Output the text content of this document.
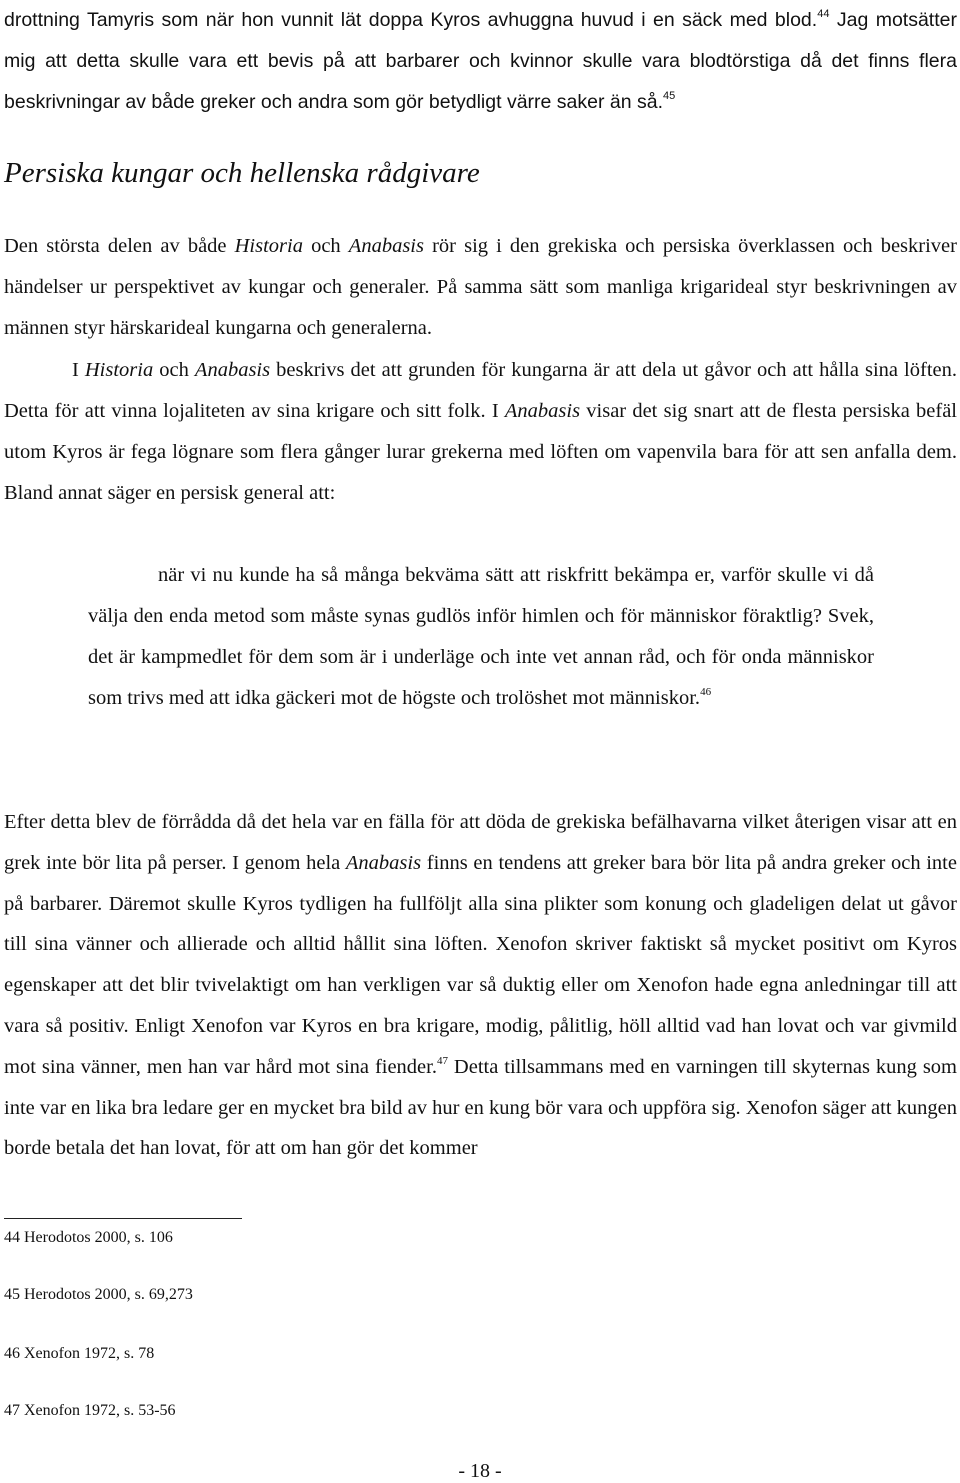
drottning Tamyris som när hon vunnit lät doppa Kyros avhuggna huvud i en säck med blod.$^{44}$ Jag motsätter mig att detta skulle vara ett bevis på att barbarer och kvinnor skulle vara blodtörstiga då det finns flera beskrivningar av både greker och andra som gör betydligt värre saker än så.$^{45}$

Persiska kungar och hellenska rådgivare

Den största delen av både Historia och Anabasis rör sig i den grekiska och persiska överklassen och beskriver händelser ur perspektivet av kungar och generaler. På samma sätt som manliga krigarideal styr beskrivningen av männen styr härskarideal kungarna och generalerna.

I Historia och Anabasis beskrivs det att grunden för kungarna är att dela ut gåvor och att hålla sina löften. Detta för att vinna lojaliteten av sina krigare och sitt folk. I Anabasis visar det sig snart att de flesta persiska befäl utom Kyros är fega lögnare som flera gånger lurar grekerna med löften om vapenvila bara för att sen anfalla dem. Bland annat säger en persisk general att:

när vi nu kunde ha så många bekväma sätt att riskfritt bekämpa er, varför skulle vi då välja den enda metod som måste synas gudlös inför himlen och för människor föraktlig? Svek, det är kampmedlet för dem som är i underläge och inte vet annan råd, och för onda människor som trivs med att idka gäckeri mot de högste och trolöshet mot människor.$^{46}$

Efter detta blev de förrådda då det hela var en fälla för att döda de grekiska befälhavarna vilket återigen visar att en grek inte bör lita på perser. I genom hela Anabasis finns en tendens att greker bara bör lita på andra greker och inte på barbarer. Däremot skulle Kyros tydligen ha fullföljt alla sina plikter som konung och gladeligen delat ut gåvor till sina vänner och allierade och alltid hållit sina löften. Xenofon skriver faktiskt så mycket positivt om Kyros egenskaper att det blir tvivelaktigt om han verkligen var så duktig eller om Xenofon hade egna anledningar till att vara så positiv. Enligt Xenofon var Kyros en bra krigare, modig, pålitlig, höll alltid vad han lovat och var givmild mot sina vänner, men han var hård mot sina fiender.$^{47}$ Detta tillsammans med en varningen till skyternas kung som inte var en lika bra ledare ger en mycket bra bild av hur en kung bör vara och uppföra sig. Xenofon säger att kungen borde betala det han lovat, för att om han gör det kommer

44 Herodotos 2000, s. 106

45 Herodotos 2000, s. 69,273

46 Xenofon 1972, s. 78

47 Xenofon 1972, s. 53-56

- 18 -
